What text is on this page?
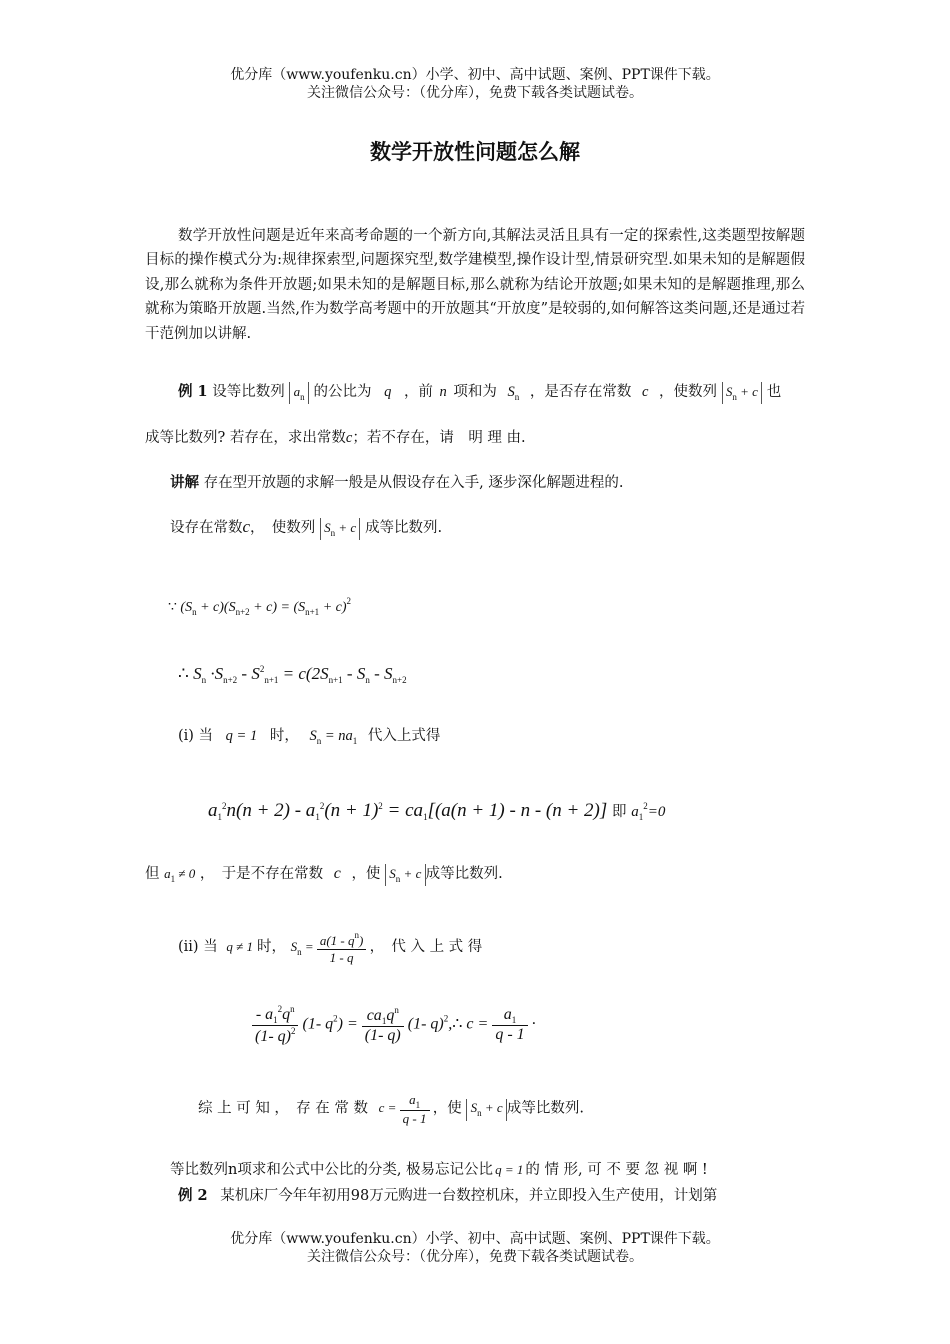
优分库（www.youfenku.cn）小学、初中、高中试题、案例、PPT课件下载。
关注微信公众号：（优分库），免费下载各类试题试卷。
数学开放性问题怎么解
数学开放性问题是近年来高考命题的一个新方向,其解法灵活且具有一定的探索性,这类题型按解题目标的操作模式分为:规律探索型,问题探究型,数学建模型,操作设计型,情景研究型.如果未知的是解题假设,那么就称为条件开放题;如果未知的是解题目标,那么就称为结论开放题;如果未知的是解题推理,那么就称为策略开放题.当然,作为数学高考题中的开放题其“开放度”是较弱的,如何解答这类问题,还是通过若干范例加以讲解.
例 1 设等比数列  $a_n$ 的公比为 q ，前 n 项和为 $S_n$ ，是否存在常数 c ，使数列  $S_n + c$  也
成等比数列? 若存在，求出常数c；若不存在，请　明 理 由.
讲解 存在型开放题的求解一般是从假设存在入手, 逐步深化解题进程的.
设存在常数c，　使数列  $S_n + c$  成等比数列.
∵ $(S_n + c)(S_{n+2} + c) = (S_{n+1} + c)^2$
∴ $S_n \cdot S_{n+2} - S^2_{n+1} = c(2S_{n+1} - S_n - S_{n+2}$
(i) 当 q = 1 时， $S_n = na_1$ 代入上式得
$a_1^2n(n + 2) - a_1^2(n + 1)^2 = ca_1[(a(n + 1) - n - (n + 2)]$ 即 $a_1^2=0$
但 $a_1 \ne 0$ ，　于是不存在常数 c ，使  $S_n + c$ 成等比数列.
(ii) 当 q ≠ 1 时， $S_n = \frac{a(1 - q^n)}{1 - q}$ ，　代 入 上 式 得
$\frac{- a_1^2q^n}{(1- q)^2} (1-$ $q^2) = \frac{ca_1q^n}{(1- q)} (1-$ q)$^2$,∴ $c = \frac{a_1}{q - 1}$ ·
综 上 可 知 ，　存 在 常 数 $c = \frac{a_1}{q - 1}$ ，使  $S_n + c$ 成等比数列.
等比数列n项求和公式中公比的分类, 极易忘记公比 q = 1 的 情 形, 可 不 要 忽 视 啊 !
例 2 某机床厂今年年初用98万元购进一台数控机床，并立即投入生产使用，计划第
优分库（www.youfenku.cn）小学、初中、高中试题、案例、PPT课件下载。
关注微信公众号：（优分库），免费下载各类试题试卷。
